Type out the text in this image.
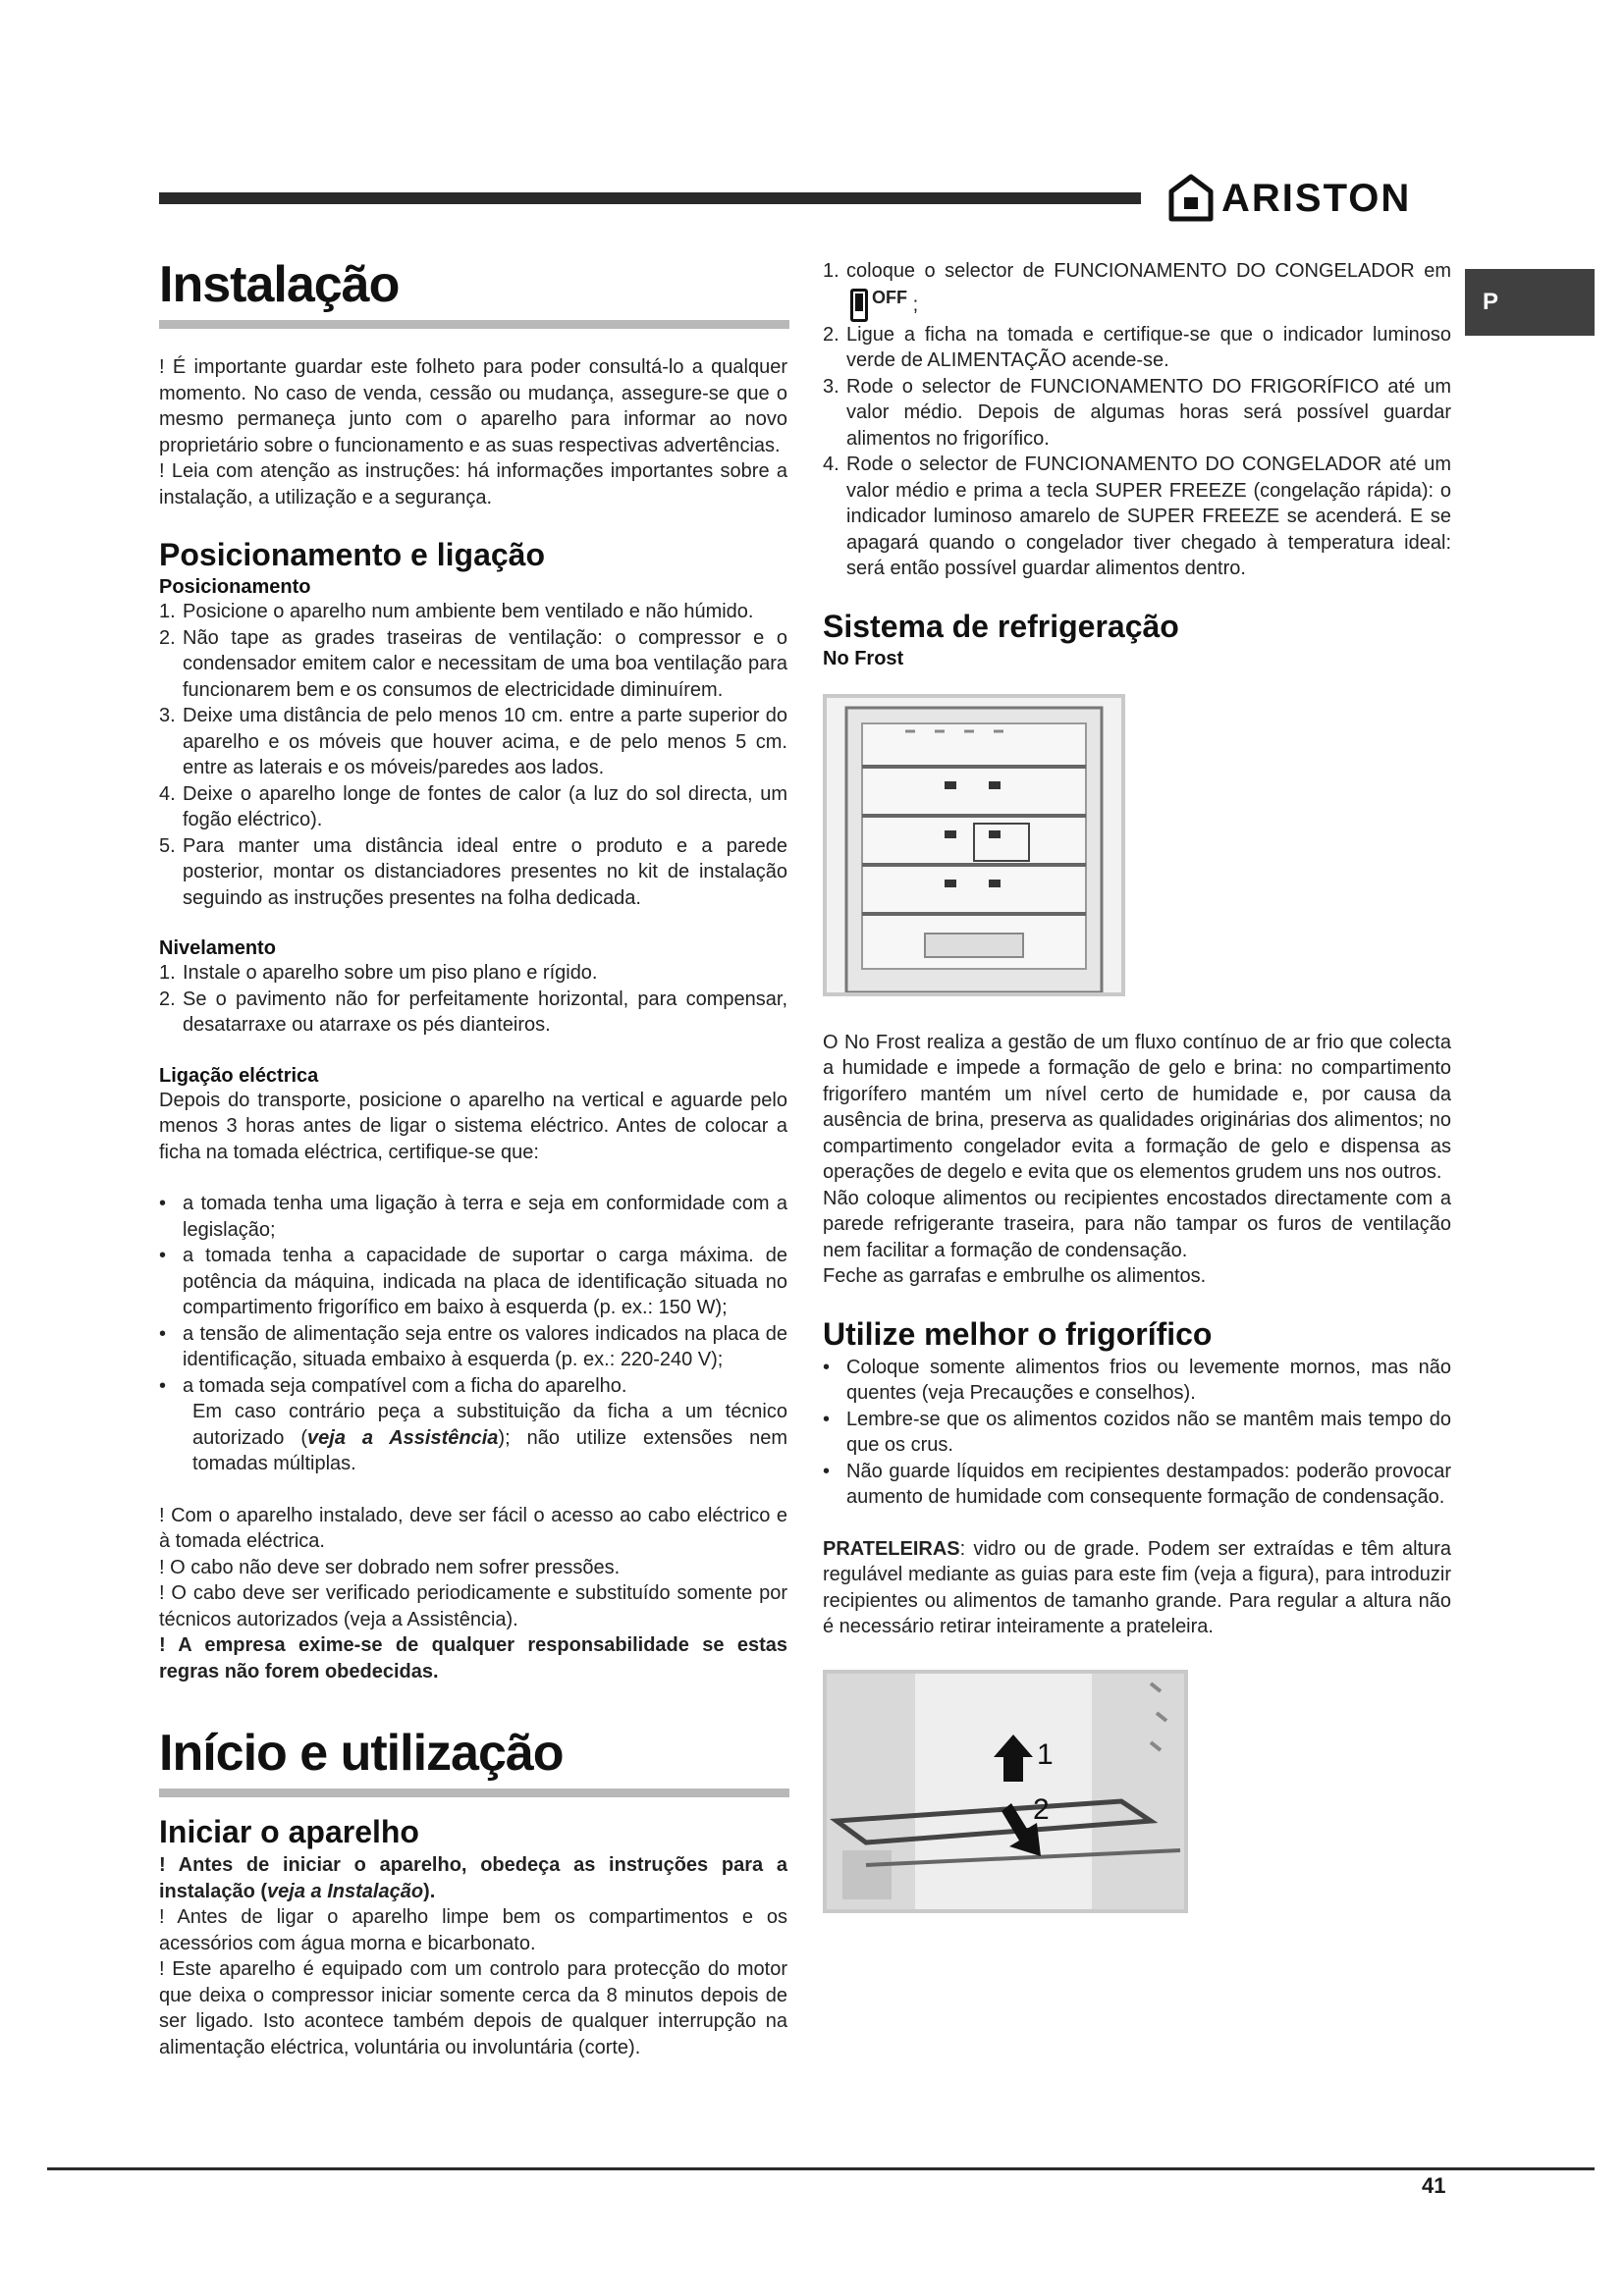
ARISTON
P
Instalação

! É importante guardar este folheto para poder consultá-lo a qualquer momento. No caso de venda, cessão ou mudança, assegure-se que o mesmo permaneça junto com o aparelho para informar ao novo proprietário sobre o funcionamento e as suas respectivas advertências.

! Leia com atenção as instruções: há informações importantes sobre a instalação, a utilização e a segurança.

Posicionamento e ligação
Posicionamento
1. Posicione o aparelho num ambiente bem ventilado e não húmido.
2. Não tape as grades traseiras de ventilação: o compressor e o condensador emitem calor e necessitam de uma boa ventilação para funcionarem bem e os consumos de electricidade diminuírem.
3. Deixe uma distância de pelo menos 10 cm. entre a parte superior do aparelho e os móveis que houver acima, e de pelo menos 5 cm. entre as laterais e os móveis/paredes aos lados.
4. Deixe o aparelho longe de fontes de calor (a luz do sol directa, um fogão eléctrico).
5. Para manter uma distância ideal entre o produto e a parede posterior, montar os distanciadores presentes no kit de instalação seguindo as instruções presentes na folha dedicada.
Nivelamento
1. Instale o aparelho sobre um piso plano e rígido.
2. Se o pavimento não for perfeitamente horizontal, para compensar, desatarraxe ou atarraxe os pés dianteiros.
Ligação eléctrica

Depois do transporte, posicione o aparelho na vertical e aguarde pelo menos 3 horas antes de ligar o sistema eléctrico. Antes de colocar a ficha na tomada eléctrica, certifique-se que:

• a tomada tenha uma ligação à terra e seja em conformidade com a legislação;
• a tomada tenha a capacidade de suportar o carga máxima. de potência da máquina, indicada na placa de identificação situada no compartimento frigorífico em baixo à esquerda (p. ex.: 150 W);
• a tensão de alimentação seja entre os valores indicados na placa de identificação, situada embaixo à esquerda (p. ex.: 220-240 V);
• a tomada seja compatível com a ficha do aparelho.

Em caso contrário peça a substituição da ficha a um técnico autorizado (veja a Assistência); não utilize extensões nem tomadas múltiplas.

! Com o aparelho instalado, deve ser fácil o acesso ao cabo eléctrico e à tomada eléctrica.

! O cabo não deve ser dobrado nem sofrer pressões.

! O cabo deve ser verificado periodicamente e substituído somente por técnicos autorizados (veja a Assistência).

! A empresa exime-se de qualquer responsabilidade se estas regras não forem obedecidas.

Início e utilização
Iniciar o aparelho

! Antes de iniciar o aparelho, obedeça as instruções para a instalação (veja a Instalação).

! Antes de ligar o aparelho limpe bem os compartimentos e os acessórios com água morna e bicarbonato.

! Este aparelho é equipado com um controlo para protecção do motor que deixa o compressor iniciar somente cerca da 8 minutos depois de ser ligado. Isto acontece também depois de qualquer interrupção na alimentação eléctrica, voluntária ou involuntária (corte).

1. coloque o selector de FUNCIONAMENTO DO CONGELADOR em OFF ;
2. Ligue a ficha na tomada e certifique-se que o indicador luminoso verde de ALIMENTAÇÃO acende-se.
3. Rode o selector de FUNCIONAMENTO DO FRIGORÍFICO até um valor médio. Depois de algumas horas será possível guardar alimentos no frigorífico.
4. Rode o selector de FUNCIONAMENTO DO CONGELADOR até um valor médio e prima a tecla SUPER FREEZE (congelação rápida): o indicador luminoso amarelo de SUPER FREEZE se acenderá. E se apagará quando o congelador tiver chegado à temperatura ideal: será então possível guardar alimentos dentro.
Sistema de refrigeração
No Frost

O No Frost realiza a gestão de um fluxo contínuo de ar frio que colecta a humidade e impede a formação de gelo e brina: no compartimento frigorífero mantém um nível certo de humidade e, por causa da ausência de brina, preserva as qualidades originárias dos alimentos; no compartimento congelador evita a formação de gelo e dispensa as operações de degelo e evita que os elementos grudem uns nos outros.

Não coloque alimentos ou recipientes encostados directamente com a parede refrigerante traseira, para não tampar os furos de ventilação nem facilitar a formação de condensação.

Feche as garrafas e embrulhe os alimentos.

Utilize melhor o frigorífico
• Coloque somente alimentos frios ou levemente mornos, mas não quentes (veja Precauções e conselhos).
• Lembre-se que os alimentos cozidos não se mantêm mais tempo do que os crus.
• Não guarde líquidos em recipientes destampados: poderão provocar aumento de humidade com consequente formação de condensação.

PRATELEIRAS: vidro ou de grade. Podem ser extraídas e têm altura regulável mediante as guias para este fim (veja a figura), para introduzir recipientes ou alimentos de tamanho grande. Para regular a altura não é necessário retirar inteiramente a prateleira.

1
2
41
